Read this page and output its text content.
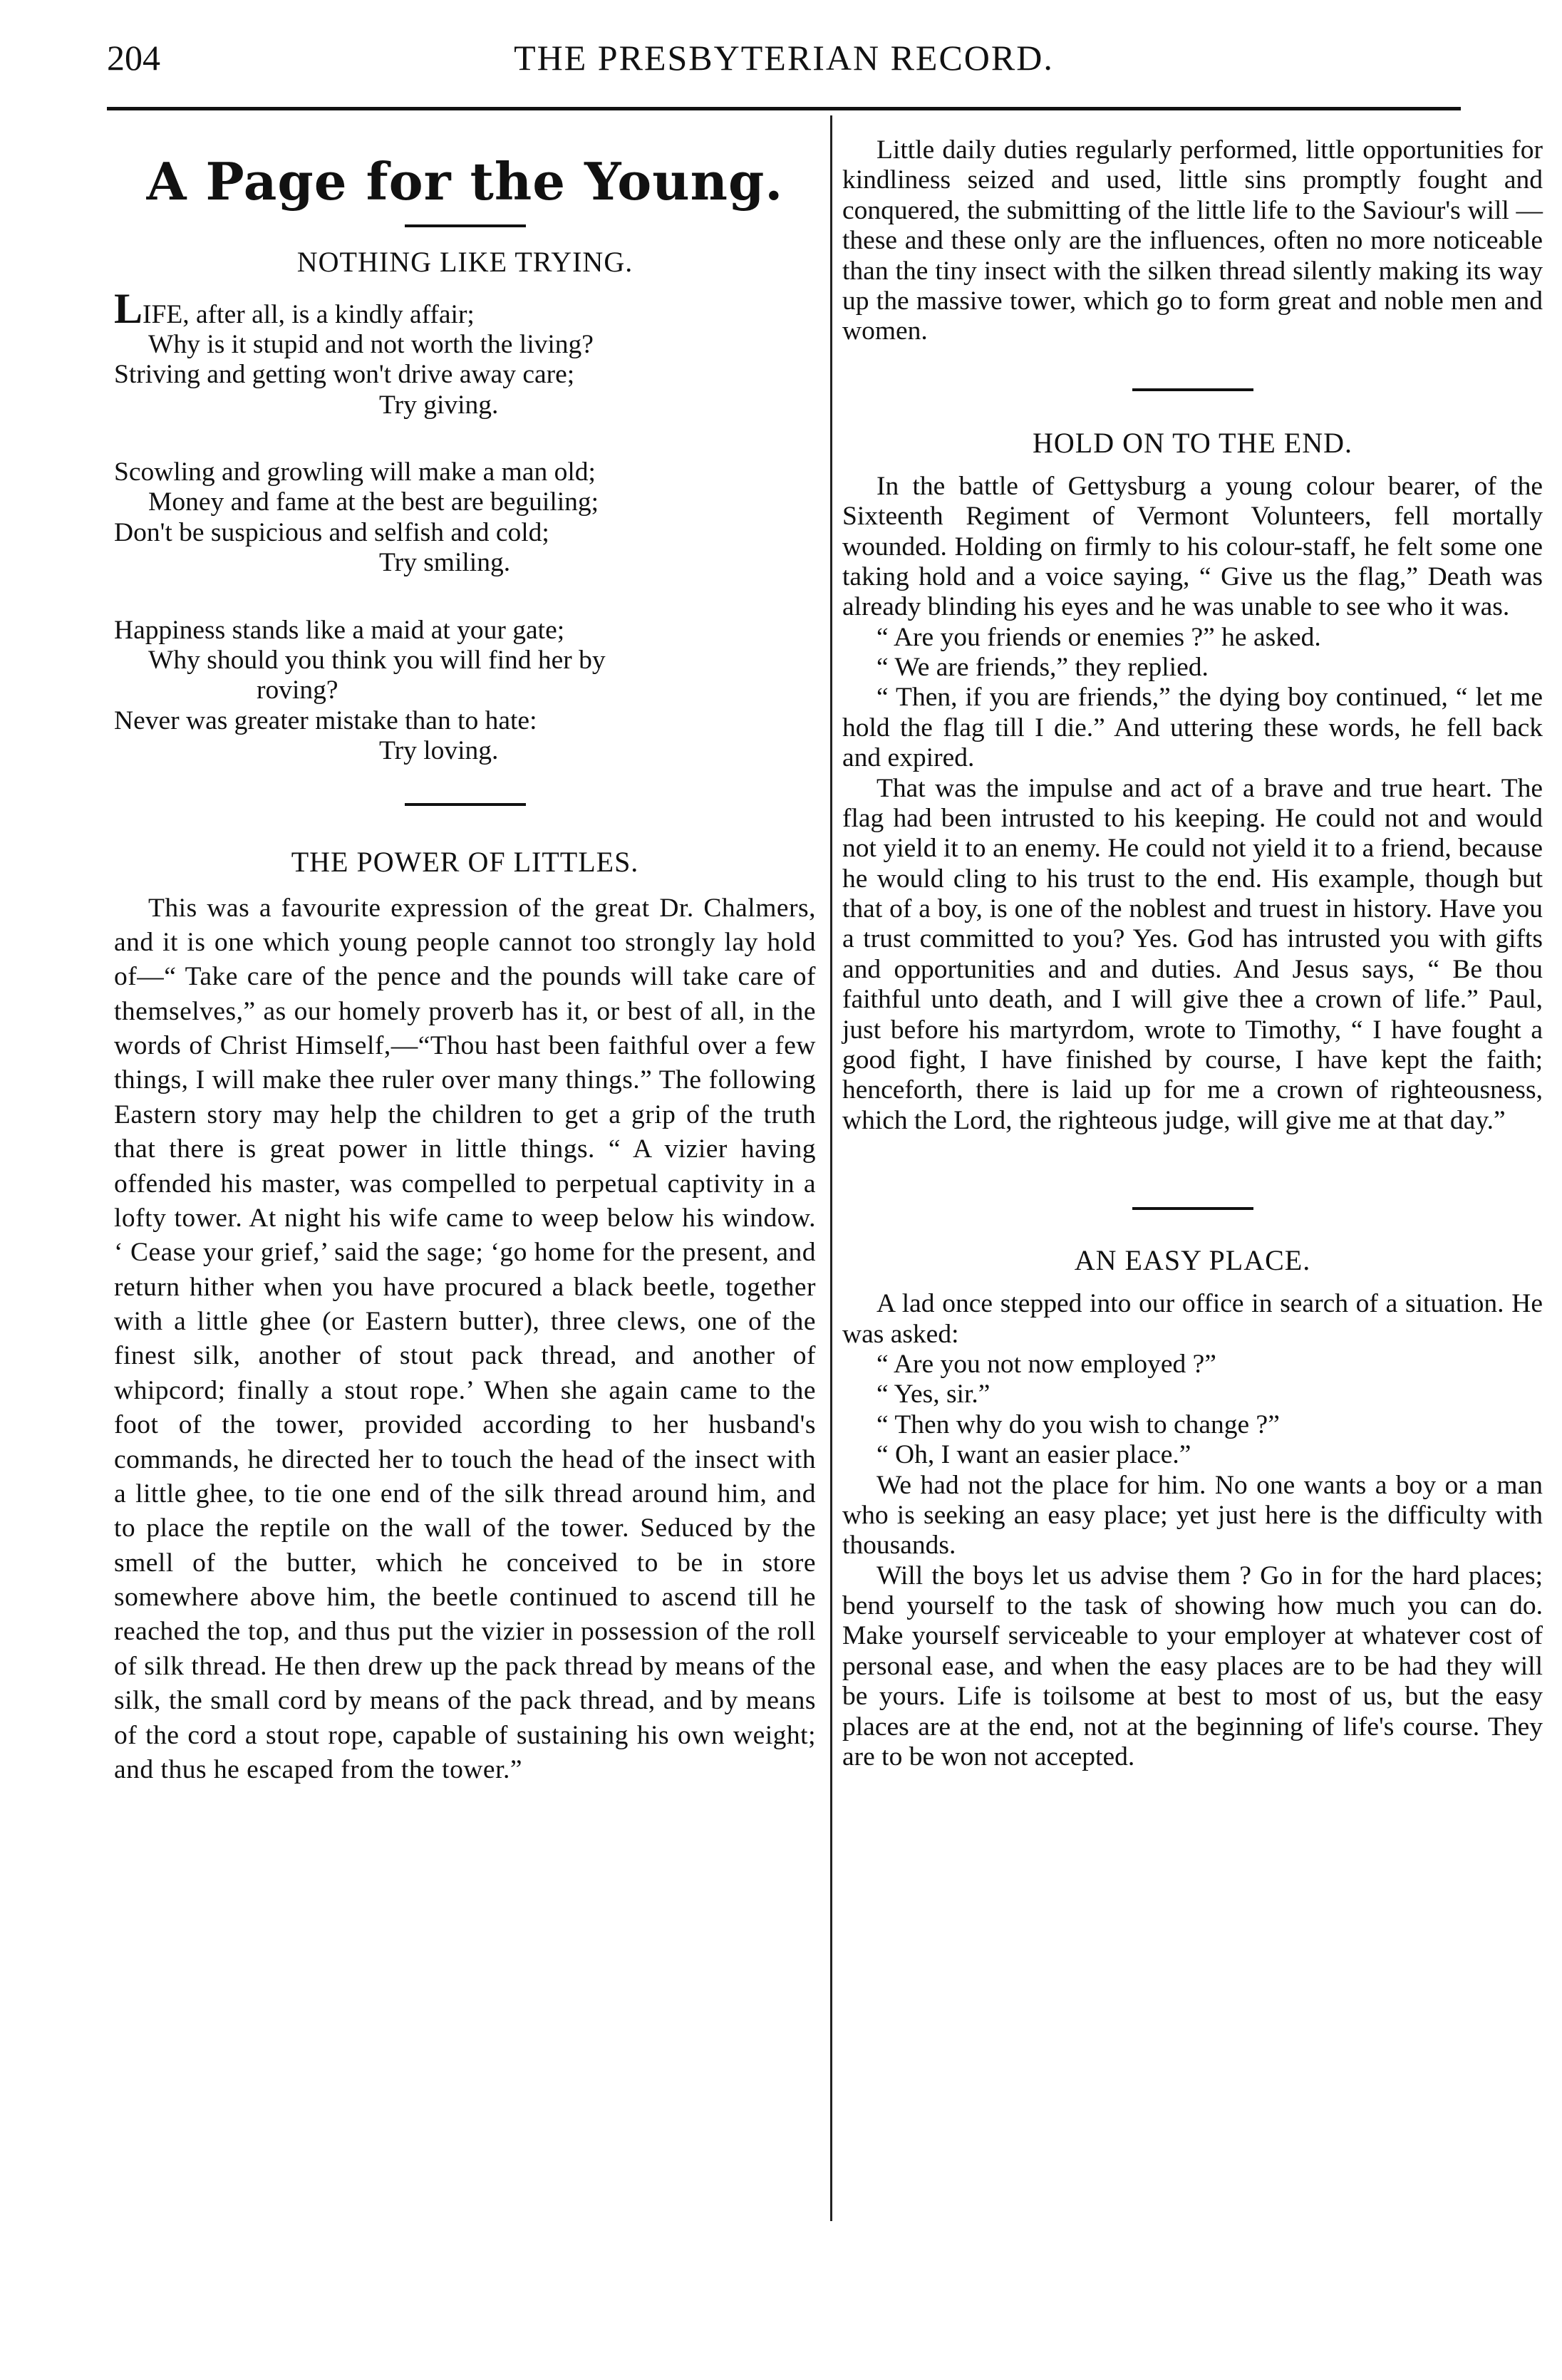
204	THE PRESBYTERIAN RECORD.
A Page for the Young.
NOTHING LIKE TRYING.
LIFE, after all, is a kindly affair;
Why is it stupid and not worth the living?
Striving and getting won't drive away care;
Try giving.
Scowling and growling will make a man old;
Money and fame at the best are beguiling;
Don't be suspicious and selfish and cold;
Try smiling.
Happiness stands like a maid at your gate;
Why should you think you will find her by
roving?
Never was greater mistake than to hate:
Try loving.
THE POWER OF LITTLES.

This was a favourite expression of the great Dr. Chalmers, and it is one which young people cannot too strongly lay hold of—“ Take care of the pence and the pounds will take care of themselves,” as our homely proverb has it, or best of all, in the words of Christ Himself,—“Thou hast been faithful over a few things, I will make thee ruler over many things.” The following Eastern story may help the children to get a grip of the truth that there is great power in little things. “ A vizier having offended his master, was compelled to perpetual captivity in a lofty tower. At night his wife came to weep below his window. ‘ Cease your grief,’ said the sage; ‘go home for the present, and return hither when you have procured a black beetle, together with a little ghee (or Eastern butter), three clews, one of the finest silk, another of stout pack thread, and another of whipcord; finally a stout rope.’ When she again came to the foot of the tower, provided according to her husband's commands, he directed her to touch the head of the insect with a little ghee, to tie one end of the silk thread around him, and to place the reptile on the wall of the tower. Seduced by the smell of the butter, which he conceived to be in store somewhere above him, the beetle continued to ascend till he reached the top, and thus put the vizier in possession of the roll of silk thread. He then drew up the pack thread by means of the silk, the small cord by means of the pack thread, and by means of the cord a stout rope, capable of sustaining his own weight; and thus he escaped from the tower.”

Little daily duties regularly performed, little opportunities for kindliness seized and used, little sins promptly fought and conquered, the submitting of the little life to the Saviour's will —these and these only are the influences, often no more noticeable than the tiny insect with the silken thread silently making its way up the massive tower, which go to form great and noble men and women.

HOLD ON TO THE END.

In the battle of Gettysburg a young colour bearer, of the Sixteenth Regiment of Vermont Volunteers, fell mortally wounded. Holding on firmly to his colour-staff, he felt some one taking hold and a voice saying, “ Give us the flag,” Death was already blinding his eyes and he was unable to see who it was.

“ Are you friends or enemies ?” he asked.

“ We are friends,” they replied.

“ Then, if you are friends,” the dying boy continued, “ let me hold the flag till I die.” And uttering these words, he fell back and expired.

That was the impulse and act of a brave and true heart. The flag had been intrusted to his keeping. He could not and would not yield it to an enemy. He could not yield it to a friend, because he would cling to his trust to the end. His example, though but that of a boy, is one of the noblest and truest in history. Have you a trust committed to you? Yes. God has intrusted you with gifts and opportunities and and duties. And Jesus says, “ Be thou faithful unto death, and I will give thee a crown of life.” Paul, just before his martyrdom, wrote to Timothy, “ I have fought a good fight, I have finished by course, I have kept the faith; henceforth, there is laid up for me a crown of righteousness, which the Lord, the righteous judge, will give me at that day.”

AN EASY PLACE.

A lad once stepped into our office in search of a situation. He was asked:

“ Are you not now employed ?”

“ Yes, sir.”

“ Then why do you wish to change ?”

“ Oh, I want an easier place.”

We had not the place for him. No one wants a boy or a man who is seeking an easy place; yet just here is the difficulty with thousands.

Will the boys let us advise them ? Go in for the hard places; bend yourself to the task of showing how much you can do. Make yourself serviceable to your employer at whatever cost of personal ease, and when the easy places are to be had they will be yours. Life is toilsome at best to most of us, but the easy places are at the end, not at the beginning of life's course. They are to be won not accepted.
